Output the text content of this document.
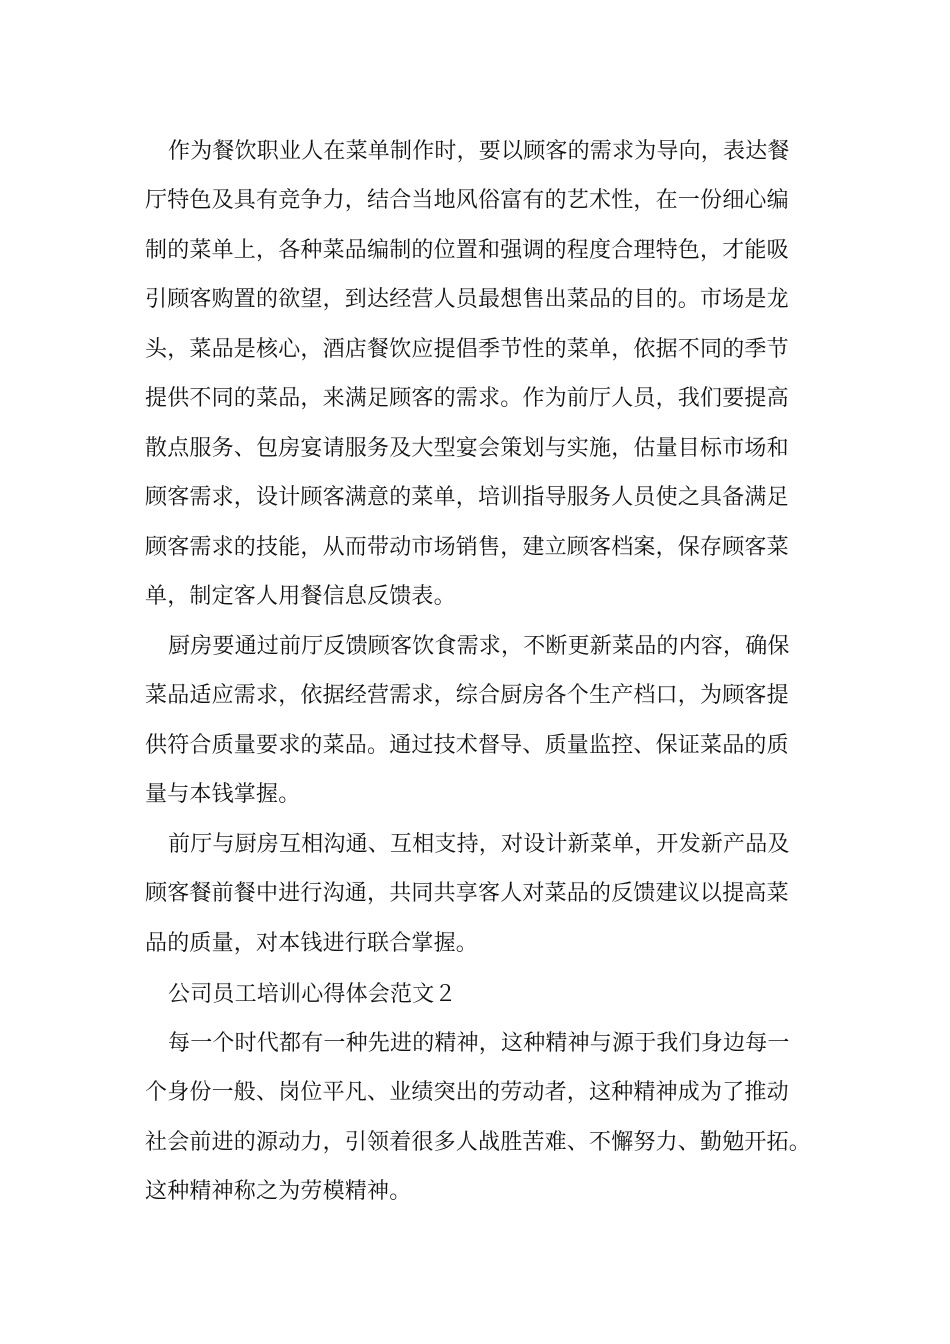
作为餐饮职业人在菜单制作时，要以顾客的需求为导向，表达餐
厅特色及具有竞争力，结合当地风俗富有的艺术性，在一份细心编
制的菜单上，各种菜品编制的位置和强调的程度合理特色，才能吸
引顾客购置的欲望，到达经营人员最想售出菜品的目的。市场是龙
头，菜品是核心，酒店餐饮应提倡季节性的菜单，依据不同的季节
提供不同的菜品，来满足顾客的需求。作为前厅人员，我们要提高
散点服务、包房宴请服务及大型宴会策划与实施，估量目标市场和
顾客需求，设计顾客满意的菜单，培训指导服务人员使之具备满足
顾客需求的技能，从而带动市场销售，建立顾客档案，保存顾客菜
单，制定客人用餐信息反馈表。
厨房要通过前厅反馈顾客饮食需求，不断更新菜品的内容，确保
菜品适应需求，依据经营需求，综合厨房各个生产档口，为顾客提
供符合质量要求的菜品。通过技术督导、质量监控、保证菜品的质
量与本钱掌握。
前厅与厨房互相沟通、互相支持，对设计新菜单，开发新产品及
顾客餐前餐中进行沟通，共同共享客人对菜品的反馈建议以提高菜
品的质量，对本钱进行联合掌握。
公司员工培训心得体会范文２
每一个时代都有一种先进的精神，这种精神与源于我们身边每一
个身份一般、岗位平凡、业绩突出的劳动者，这种精神成为了推动
社会前进的源动力，引领着很多人战胜苦难、不懈努力、勤勉开拓。
这种精神称之为劳模精神。
